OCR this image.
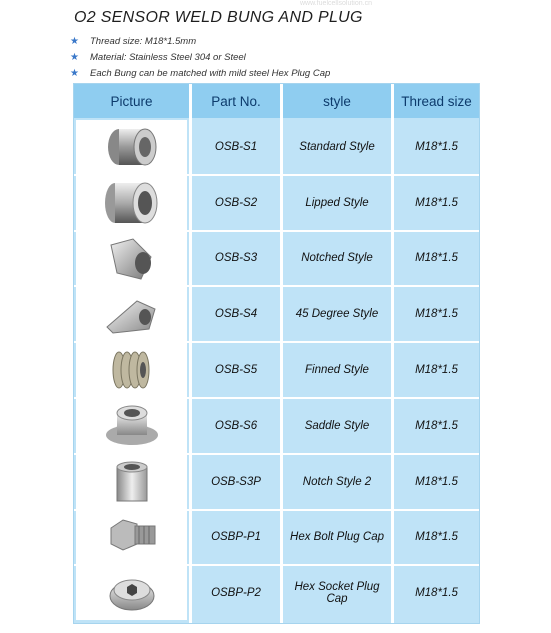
www.fuelcellsolution.cn
O2 SENSOR WELD BUNG AND PLUG
★	Thread size: M18*1.5mm
★	Material: Stainless Steel 304 or Steel
★	Each Bung can be matched with mild steel Hex Plug Cap
Picture	Part No.	style	Thread size
OSB-S1	Standard Style	M18*1.5
OSB-S2	Lipped Style	M18*1.5
OSB-S3	Notched Style	M18*1.5
OSB-S4	45 Degree Style	M18*1.5
OSB-S5	Finned Style	M18*1.5
OSB-S6	Saddle Style	M18*1.5
OSB-S3P	Notch Style 2	M18*1.5
OSBP-P1	Hex Bolt Plug Cap	M18*1.5
OSBP-P2	Hex Socket Plug Cap	M18*1.5
